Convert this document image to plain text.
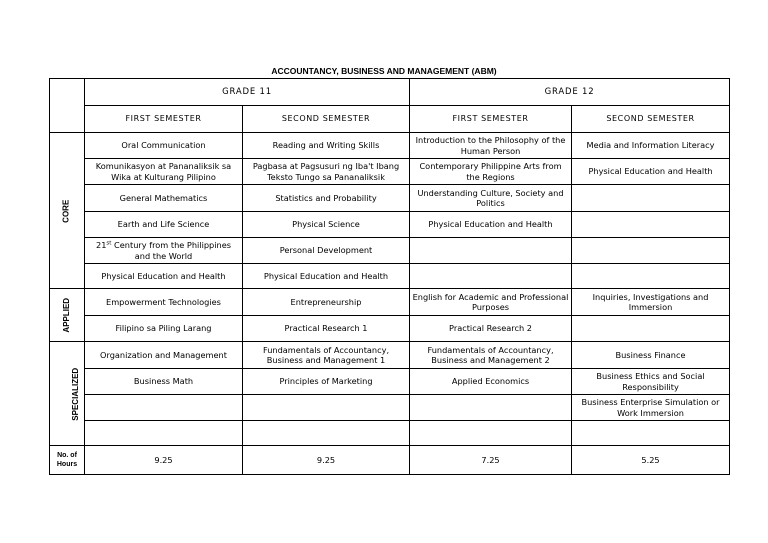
ACCOUNTANCY, BUSINESS AND MANAGEMENT (ABM)
	GRADE 11		GRADE 12	
	FIRST SEMESTER	SECOND SEMESTER	FIRST SEMESTER	SECOND SEMESTER
CORE	Oral Communication	Reading and Writing Skills	Introduction to the Philosophy of the Human Person	Media and Information Literacy
	Komunikasyon at Pananaliksik sa Wika at Kulturang Pilipino	Pagbasa at Pagsusuri ng Iba't Ibang Teksto Tungo sa Pananaliksik	Contemporary Philippine Arts from the Regions	Physical Education and Health
	General Mathematics	Statistics and Probability	Understanding Culture, Society and Politics	
	Earth and Life Science	Physical Science	Physical Education and Health	
	21st Century from the Philippines and the World	Personal Development		
	Physical Education and Health	Physical Education and Health		
APPLIED	Empowerment Technologies	Entrepreneurship	English for Academic and Professional Purposes	Inquiries, Investigations and Immersion
	Filipino sa Piling Larang	Practical Research 1	Practical Research 2	
SPECIALIZED	Organization and Management	Fundamentals of Accountancy, Business and Management 1	Fundamentals of Accountancy, Business and Management 2	Business Finance
	Business Math	Principles of Marketing	Applied Economics	Business Ethics and Social Responsibility
				Business Enterprise Simulation or Work Immersion

No. of Hours	9.25	9.25	7.25	5.25
